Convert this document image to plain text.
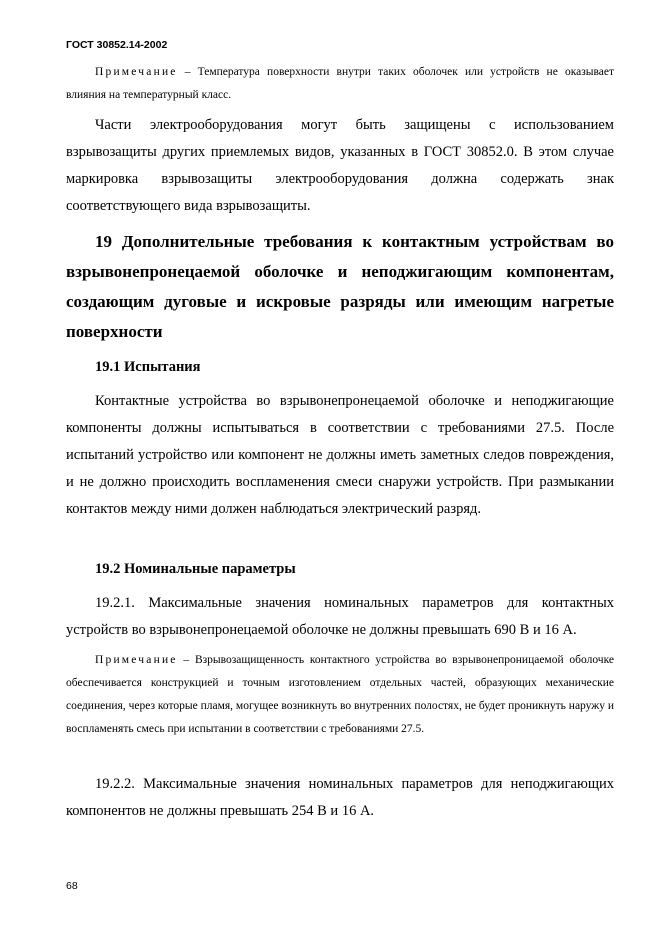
ГОСТ 30852.14-2002
Примечание – Температура поверхности внутри таких оболочек или устройств не оказывает влияния на температурный класс.
Части электрооборудования могут быть защищены с использованием взрывозащиты других приемлемых видов, указанных в ГОСТ 30852.0. В этом случае маркировка взрывозащиты электрооборудования должна содержать знак соответствующего вида взрывозащиты.
19 Дополнительные требования к контактным устройствам во взрывонепронецаемой оболочке и неподжигающим компонентам, создающим дуговые и искровые разряды или имеющим нагретые поверхности
19.1 Испытания
Контактные устройства во взрывонепронецаемой оболочке и неподжигающие компоненты должны испытываться в соответствии с требованиями 27.5. После испытаний устройство или компонент не должны иметь заметных следов повреждения, и не должно происходить воспламенения смеси снаружи устройств. При размыкании контактов между ними должен наблюдаться электрический разряд.
19.2 Номинальные параметры
19.2.1. Максимальные значения номинальных параметров для контактных устройств во взрывонепронецаемой оболочке не должны превышать 690 В и 16 А.
Примечание – Взрывозащищенность контактного устройства во взрывонепроницаемой оболочке обеспечивается конструкцией и точным изготовлением отдельных частей, образующих механические соединения, через которые пламя, могущее возникнуть во внутренних полостях, не будет проникнуть наружу и воспламенять смесь при испытании в соответствии с требованиями 27.5.
19.2.2. Максимальные значения номинальных параметров для неподжигающих компонентов не должны превышать 254 В и 16 А.
68
